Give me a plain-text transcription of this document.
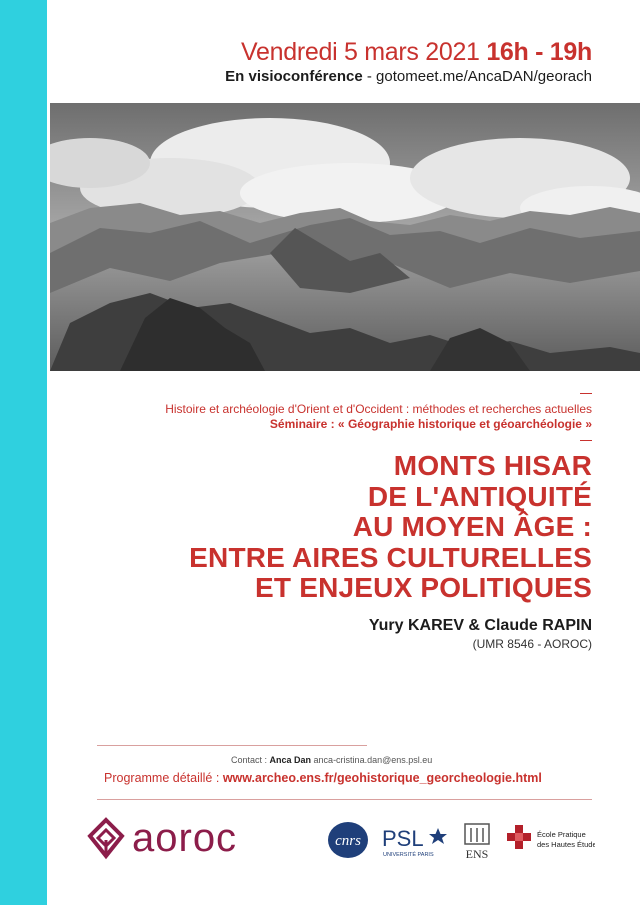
Vendredi 5 mars 2021 16h - 19h
En visioconférence - gotomeet.me/AncaDAN/georach
Histoire et archéologie d'Orient et d'Occident : méthodes et recherches actuelles
Séminaire : « Géographie historique et géoarchéologie »
MONTS HISAR
DE L'ANTIQUITÉ
AU MOYEN ÂGE :
ENTRE AIRES CULTURELLES
ET ENJEUX POLITIQUES
Yury KAREV & Claude RAPIN
(UMR 8546 - AOROC)
Contact : Anca Dan anca-cristina.dan@ens.psl.eu
Programme détaillé : www.archeo.ens.fr/geohistorique_georcheologie.html
aoroc	cnrs PSL
UNIVERSITÉ PARIS	ENS
École Pratique
des Hautes Études
